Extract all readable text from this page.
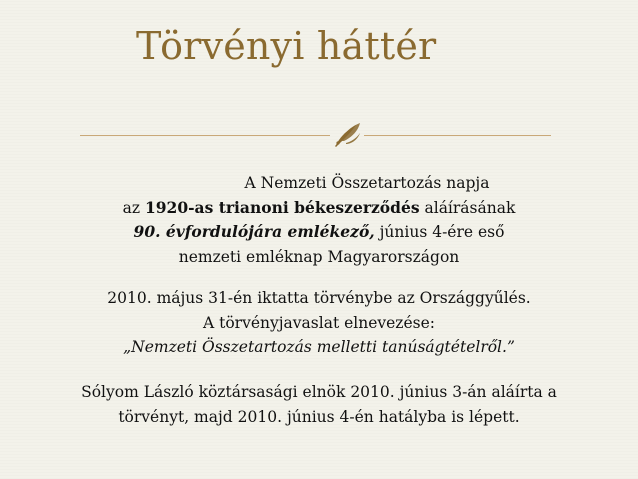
Törvényi háttér
A Nemzeti Összetartozás napja
az 1920-as trianoni békeszerződés aláírásának
90. évfordulójára emlékező, június 4-ére eső
nemzeti emléknap Magyarországon
2010. május 31-én iktatta törvénybe az Országgyűlés.
A törvényjavaslat elnevezése:
„Nemzeti Összetartozás melletti tanúságtételről.”
Sólyom László köztársasági elnök 2010. június 3-án aláírta a
törvényt, majd 2010. június 4-én hatályba is lépett.
